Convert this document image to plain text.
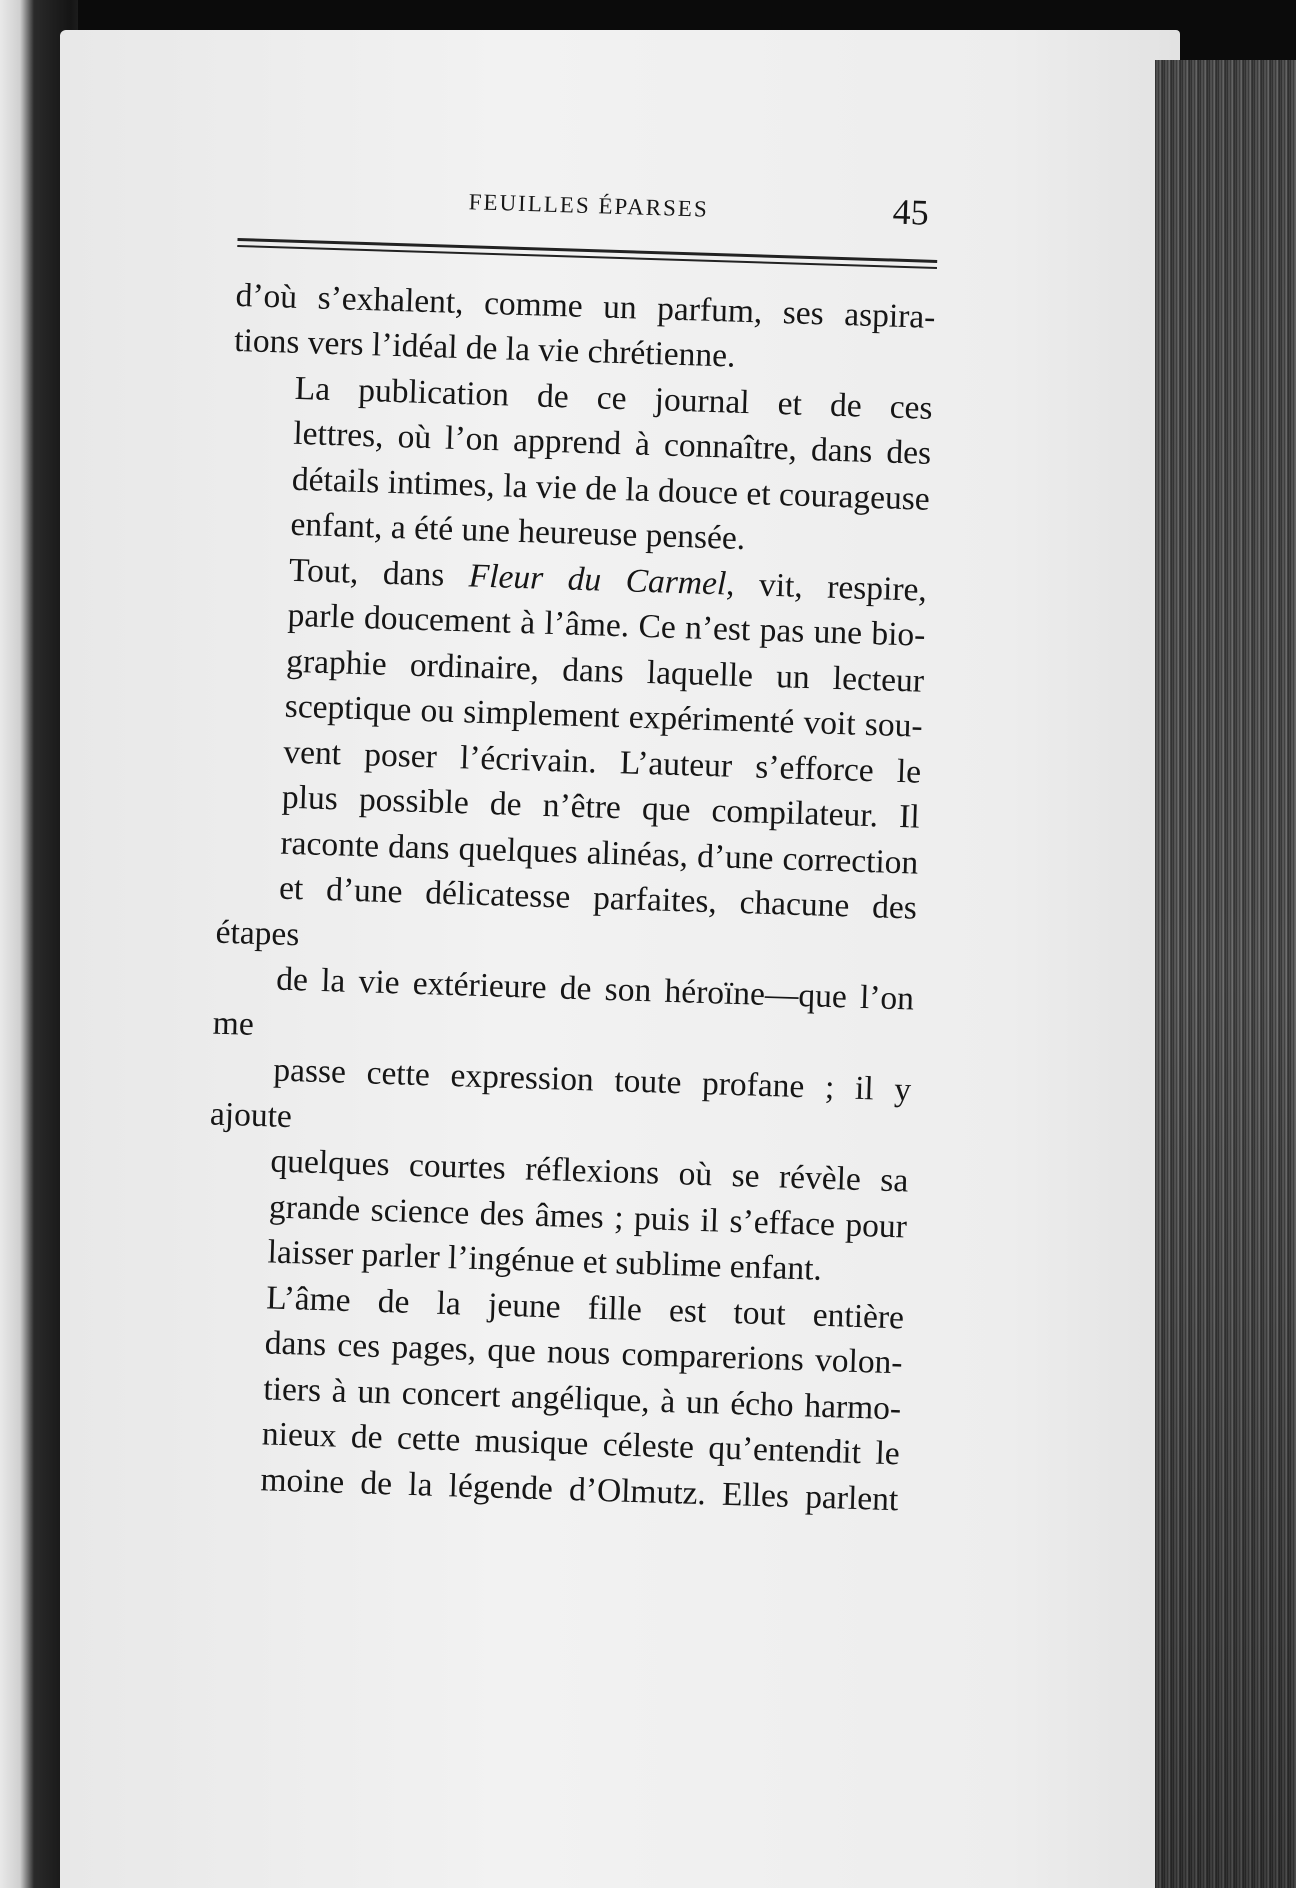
FEUILLES ÉPARSES	45

d’où s’exhalent, comme un parfum, ses aspira-
tions vers l’idéal de la vie chrétienne.

La publication de ce journal et de ces
lettres, où l’on apprend à connaître, dans des
détails intimes, la vie de la douce et courageuse
enfant, a été une heureuse pensée.

Tout, dans Fleur du Carmel, vit, respire,
parle doucement à l’âme. Ce n’est pas une bio-
graphie ordinaire, dans laquelle un lecteur
sceptique ou simplement expérimenté voit sou-
vent poser l’écrivain. L’auteur s’efforce le
plus possible de n’être que compilateur. Il
raconte dans quelques alinéas, d’une correction
et d’une délicatesse parfaites, chacune des étapes
de la vie extérieure de son héroïne—que l’on me
passe cette expression toute profane ; il y ajoute
quelques courtes réflexions où se révèle sa
grande science des âmes ; puis il s’efface pour
laisser parler l’ingénue et sublime enfant.

L’âme de la jeune fille est tout entière
dans ces pages, que nous comparerions volon-
tiers à un concert angélique, à un écho harmo-
nieux de cette musique céleste qu’entendit le
moine de la légende d’Olmutz. Elles parlent
